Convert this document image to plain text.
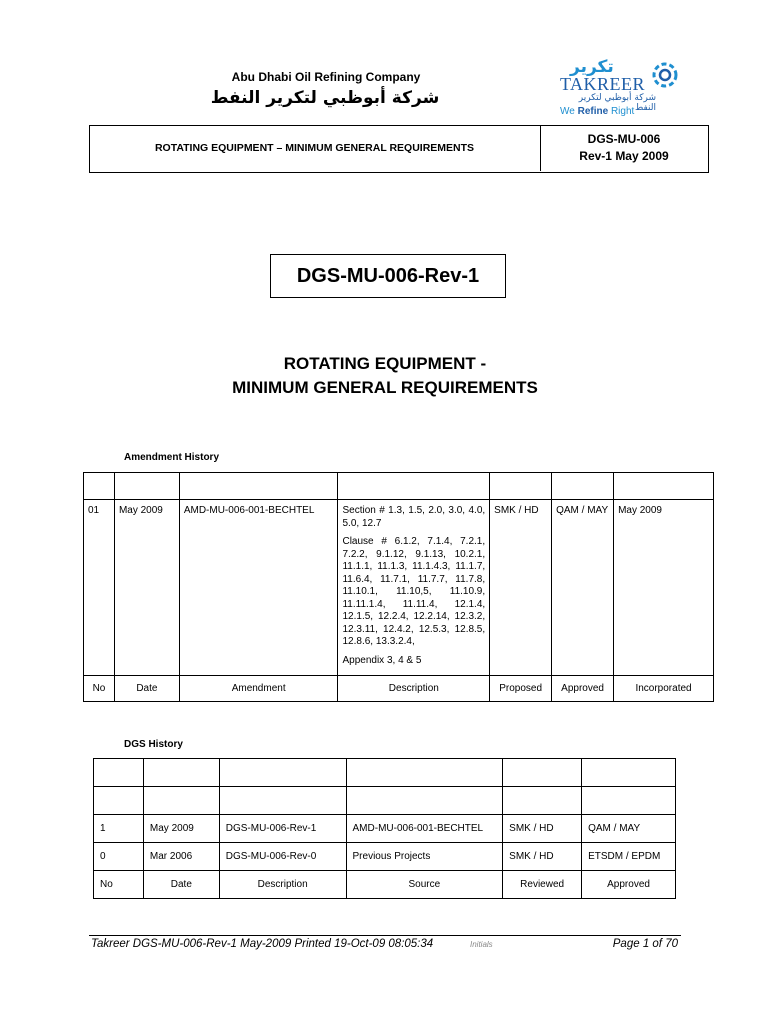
Abu Dhabi Oil Refining Company
شركة أبوظبي لتكرير النفط
تكرير
TAKREER
شركة أبوظبي لتكرير النفط
We Refine Right
ROTATING EQUIPMENT – MINIMUM GENERAL REQUIREMENTS
DGS-MU-006
Rev-1 May 2009
DGS-MU-006-Rev-1
ROTATING EQUIPMENT -
MINIMUM GENERAL REQUIREMENTS
Amendment History

01	May 2009	AMD-MU-006-001-BECHTEL	Section # 1.3, 1.5, 2.0, 3.0, 4.0, 5.0, 12.7
Clause # 6.1.2, 7.1.4, 7.2.1, 7.2.2, 9.1.12, 9.1.13, 10.2.1, 11.1.1, 11.1.3, 11.1.4.3, 11.1.7, 11.6.4, 11.7.1, 11.7.7, 11.7.8, 11.10.1, 11.10,5, 11.10.9, 11.11.1.4, 11.11.4, 12.1.4, 12.1.5, 12.2.4, 12.2.14, 12.3.2, 12.3.11, 12.4.2, 12.5.3, 12.8.5, 12.8.6, 13.3.2.4,
Appendix 3, 4 & 5	SMK / HD	QAM / MAY	May 2009
No	Date	Amendment	Description	Proposed	Approved	Incorporated
DGS History

1	May 2009	DGS-MU-006-Rev-1	AMD-MU-006-001-BECHTEL	SMK / HD	QAM / MAY
0	Mar 2006	DGS-MU-006-Rev-0	Previous Projects	SMK / HD	ETSDM / EPDM
No	Date	Description	Source	Reviewed	Approved
Takreer DGS-MU-006-Rev-1 May-2009 Printed 19-Oct-09 08:05:34	Initials	Page 1 of 70
